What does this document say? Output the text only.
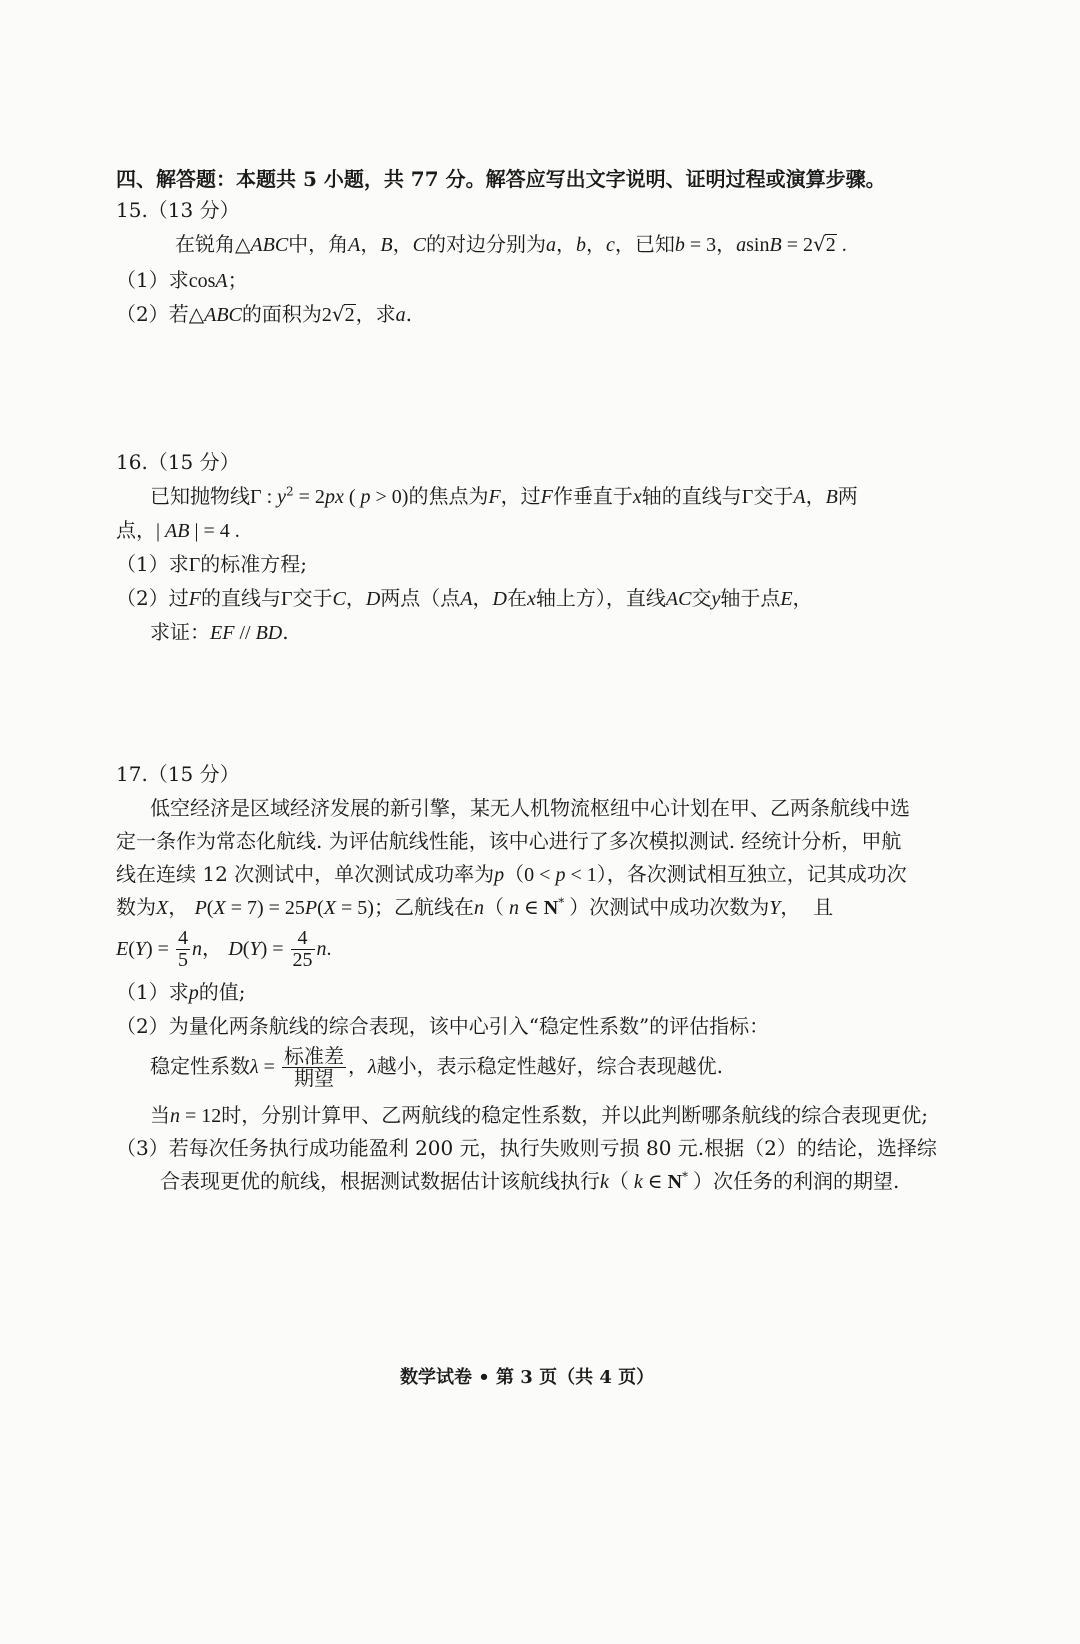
四、解答题：本题共 5 小题，共 77 分。解答应写出文字说明、证明过程或演算步骤。
15.（13 分）
在锐角△ABC中，角A，B，C的对边分别为a，b，c，已知b = 3，asinB = 2√2 .
（1）求cosA；
（2）若△ABC的面积为2√2，求a.
16.（15 分）
已知抛物线Γ : $y^2 = 2px$ ( p > 0)的焦点为F，过F作垂直于x轴的直线与Γ交于A，B两
点，| AB | = 4 .
（1）求Γ的标准方程;
（2）过F的直线与Γ交于C，D两点（点A，D在x轴上方），直线AC交y轴于点E，
求证：EF // BD.
17.（15 分）
低空经济是区域经济发展的新引擎，某无人机物流枢纽中心计划在甲、乙两条航线中选
定一条作为常态化航线. 为评估航线性能，该中心进行了多次模拟测试. 经统计分析，甲航
线在连续 12 次测试中，单次测试成功率为p（0 < p < 1），各次测试相互独立，记其成功次
数为X， P(X = 7) = 25P(X = 5)；乙航线在n（ n ∈ N* ）次测试中成功次数为Y，  且
$E(Y) = \frac{4}{5}$ n， $D(Y) = \frac{4}{25} n$.
（1）求p的值;
（2）为量化两条航线的综合表现，该中心引入“稳定性系数”的评估指标：
稳定性系数$\lambda = \frac{\text{标准差}}{\text{期望}}$ ，λ越小，表示稳定性越好，综合表现越优.
当n = 12时，分别计算甲、乙两航线的稳定性系数，并以此判断哪条航线的综合表现更优;
（3）若每次任务执行成功能盈利 200 元，执行失败则亏损 80 元.根据（2）的结论，选择综
合表现更优的航线，根据测试数据估计该航线执行k（ k ∈ N* ）次任务的利润的期望.
数学试卷 • 第 3 页（共 4 页）
